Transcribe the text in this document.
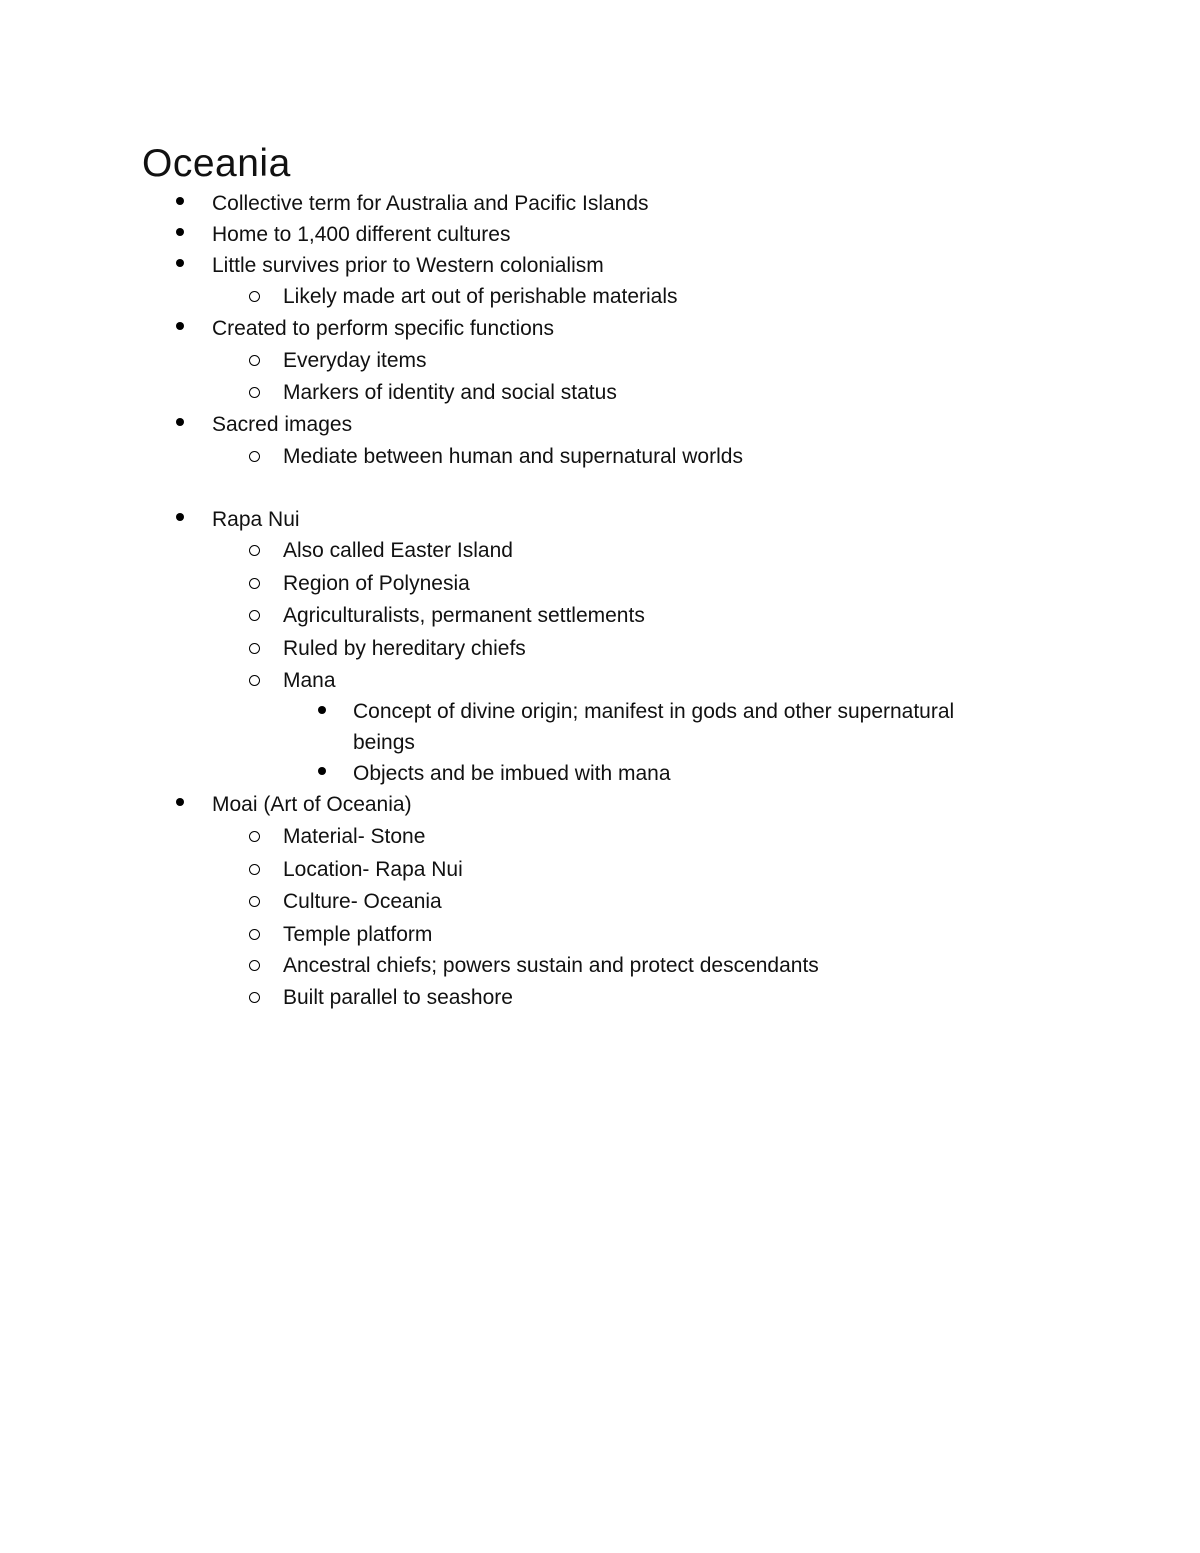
Oceania
Collective term for Australia and Pacific Islands
Home to 1,400 different cultures
Little survives prior to Western colonialism
Likely made art out of perishable materials
Created to perform specific functions
Everyday items
Markers of identity and social status
Sacred images
Mediate between human and supernatural worlds
Rapa Nui
Also called Easter Island
Region of Polynesia
Agriculturalists, permanent settlements
Ruled by hereditary chiefs
Mana
Concept of divine origin; manifest in gods and other supernatural
beings
Objects and be imbued with mana
Moai (Art of Oceania)
Material- Stone
Location- Rapa Nui
Culture- Oceania
Temple platform
Ancestral chiefs; powers sustain and protect descendants
Built parallel to seashore
